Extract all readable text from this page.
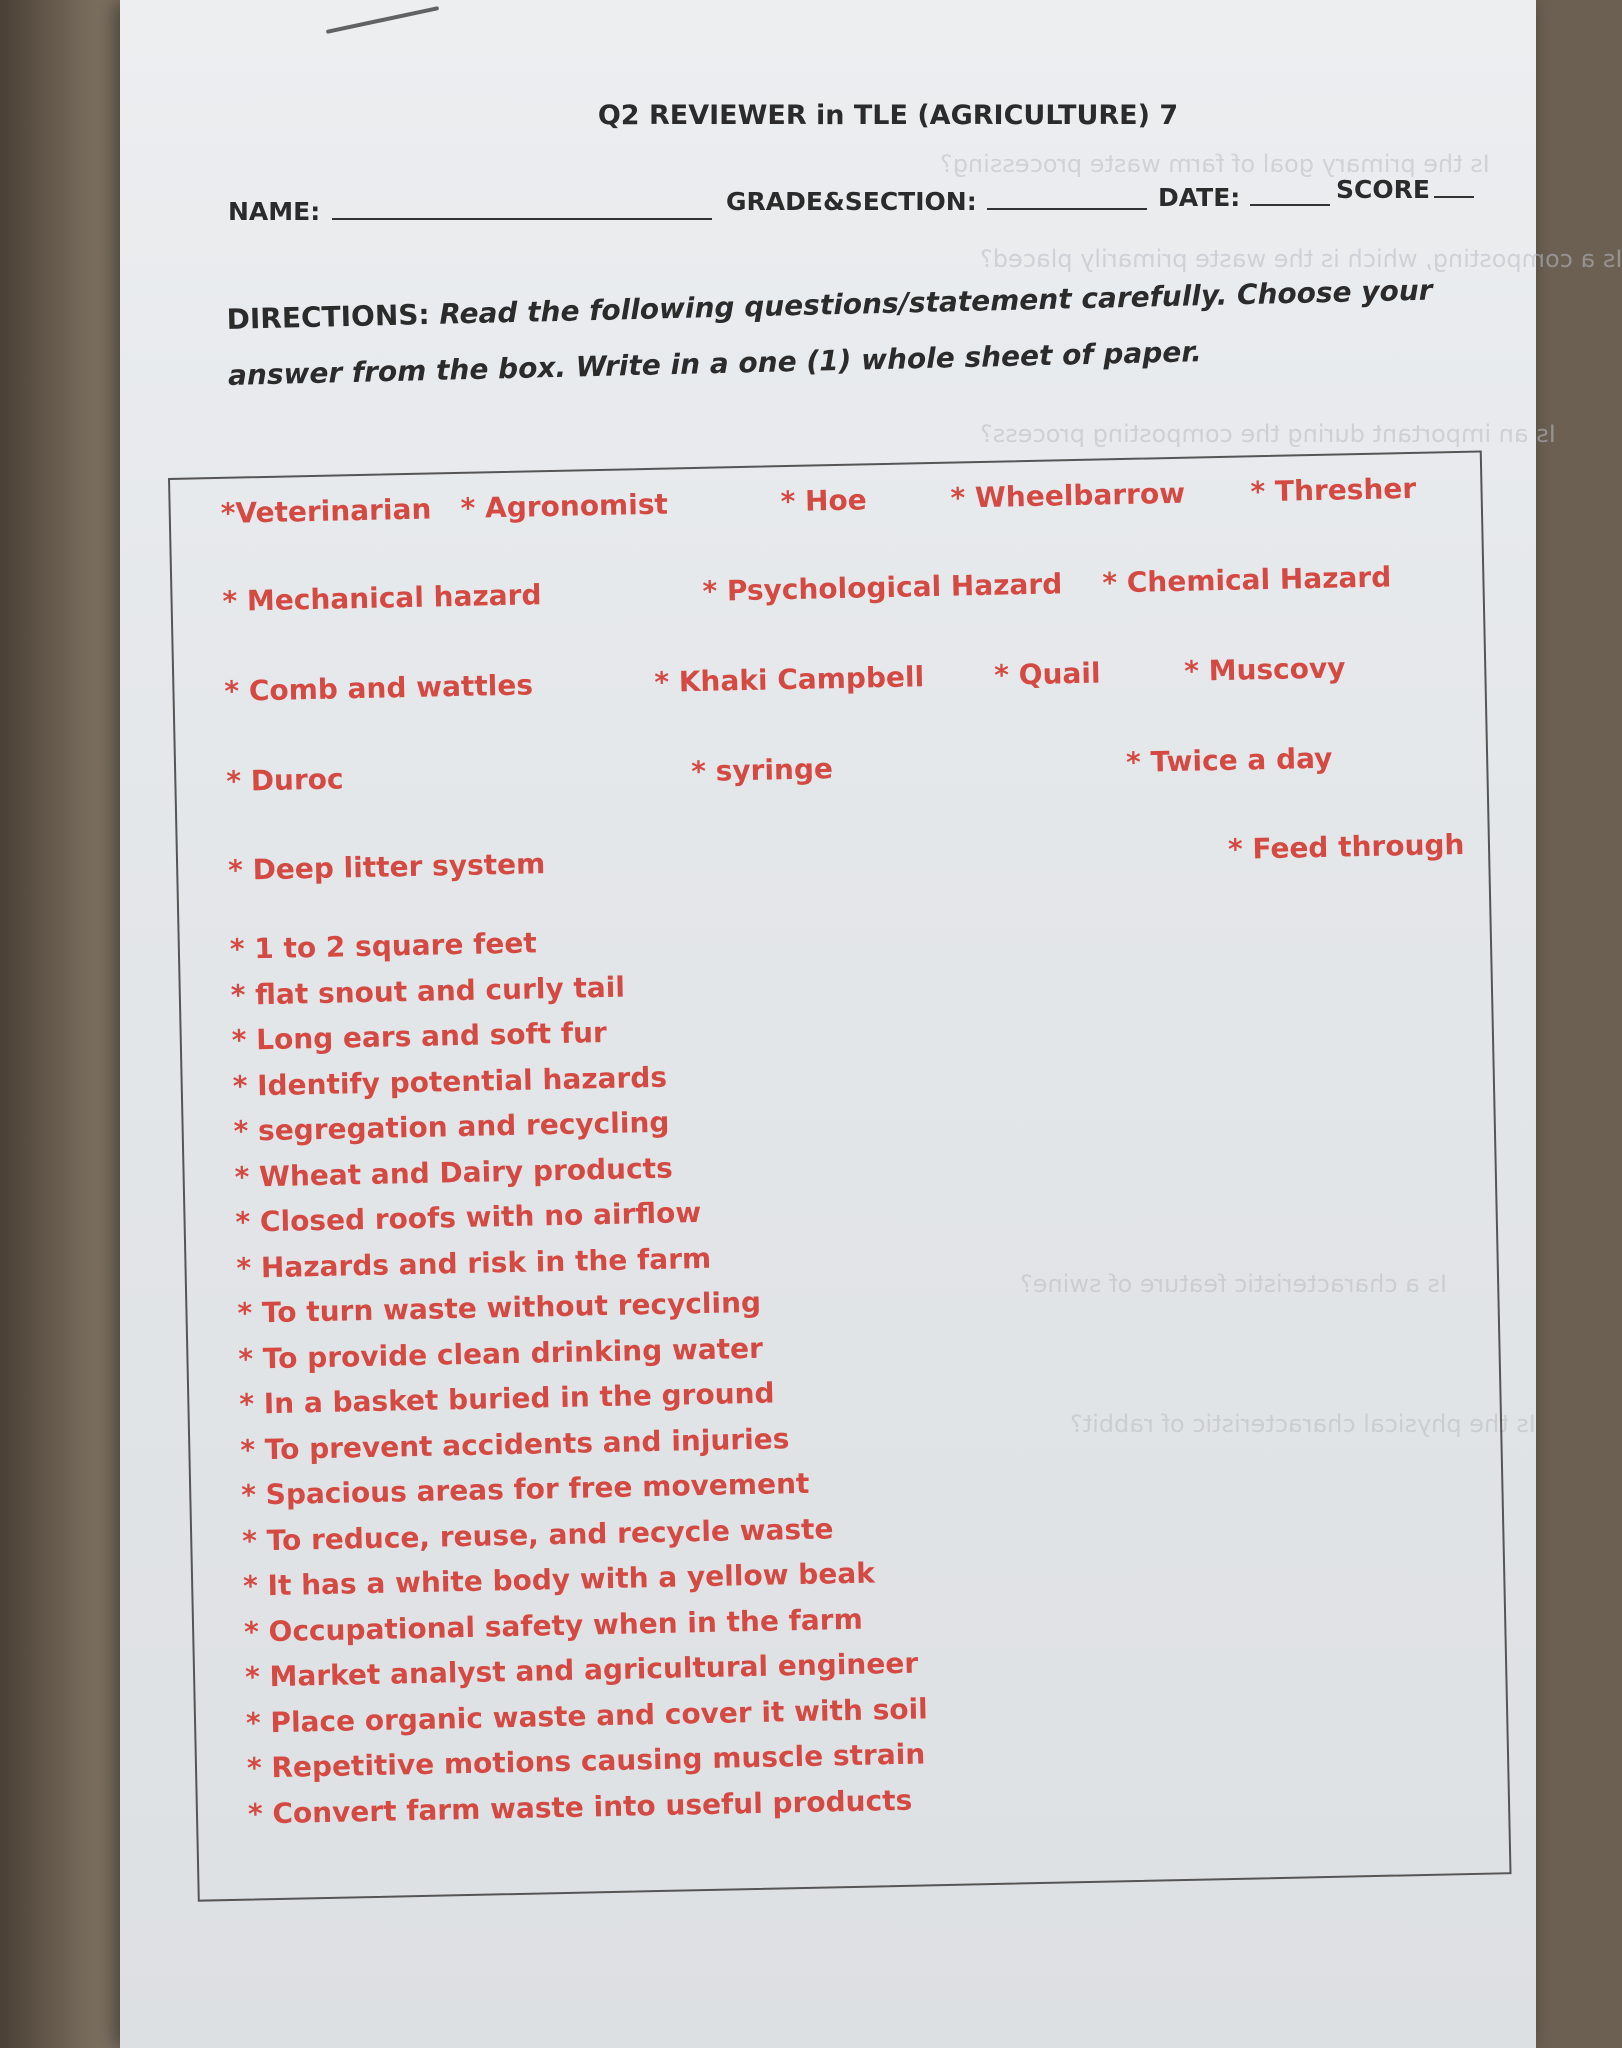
Is the primary goal of farm waste processing?
Is a composting, which is the waste primarily placed?
Is an important during the composting process?
Is a characteristic feature of swine?
Is the physical characteristic of rabbit?
Q2 REVIEWER in TLE (AGRICULTURE) 7
NAME:	GRADE&SECTION:	DATE:	SCORE
DIRECTIONS: Read the following questions/statement carefully. Choose your answer from the box. Write in a one (1) whole sheet of paper.
*Veterinarian * Agronomist	* Hoe	* Wheelbarrow * Thresher
* Mechanical hazard	* Psychological Hazard * Chemical Hazard
* Comb and wattles	* Khaki Campbell * Quail	* Muscovy
* Duroc	* syringe	* Twice a day
* Deep litter system
* Feed through
* 1 to 2 square feet
* flat snout and curly tail
* Long ears and soft fur
* Identify potential hazards
* segregation and recycling
* Wheat and Dairy products
* Closed roofs with no airflow
* Hazards and risk in the farm
* To turn waste without recycling
* To provide clean drinking water
* In a basket buried in the ground
* To prevent accidents and injuries
* Spacious areas for free movement
* To reduce, reuse, and recycle waste
* It has a white body with a yellow beak
* Occupational safety when in the farm
* Market analyst and agricultural engineer
* Place organic waste and cover it with soil
* Repetitive motions causing muscle strain
* Convert farm waste into useful products
